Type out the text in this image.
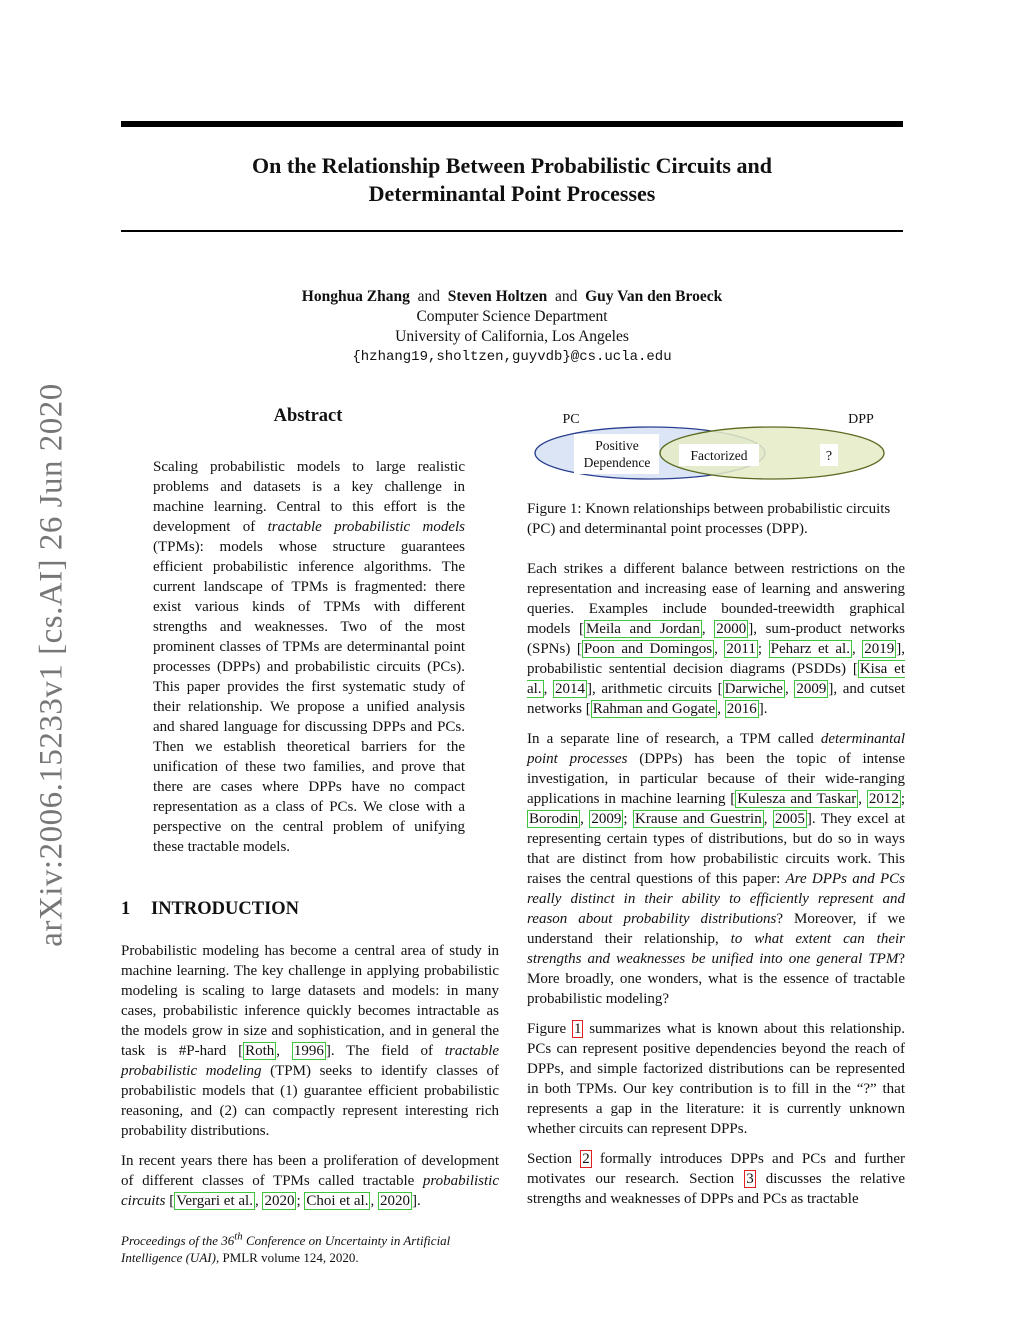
On the Relationship Between Probabilistic Circuits and
Determinantal Point Processes
Honghua Zhang and Steven Holtzen and Guy Van den Broeck
Computer Science Department
University of California, Los Angeles
{hzhang19,sholtzen,guyvdb}@cs.ucla.edu
arXiv:2006.15233v1 [cs.AI] 26 Jun 2020	Abstract
Scaling probabilistic models to large realistic problems and datasets is a key challenge in machine learning. Central to this effort is the development of tractable probabilistic models (TPMs): models whose structure guarantees efficient probabilistic inference algorithms. The current landscape of TPMs is fragmented: there exist various kinds of TPMs with different strengths and weaknesses. Two of the most prominent classes of TPMs are determinantal point processes (DPPs) and probabilistic circuits (PCs). This paper provides the first systematic study of their relationship. We propose a unified analysis and shared language for discussing DPPs and PCs. Then we establish theoretical barriers for the unification of these two families, and prove that there are cases where DPPs have no compact representation as a class of PCs. We close with a perspective on the central problem of unifying these tractable models.
1 INTRODUCTION

Probabilistic modeling has become a central area of study in machine learning. The key challenge in applying probabilistic modeling is scaling to large datasets and models: in many cases, probabilistic inference quickly becomes intractable as the models grow in size and sophistication, and in general the task is #P-hard [ Roth , 1996 ]. The field of tractable probabilistic modeling (TPM) seeks to identify classes of probabilistic models that (1) guarantee efficient probabilistic reasoning, and (2) can compactly represent interesting rich probability distributions.

In recent years there has been a proliferation of development of different classes of TPMs called tractable probabilistic circuits [ Vergari et al. , 2020 ; Choi et al. , 2020 ].

Proceedings of the 36th Conference on Uncertainty in Artificial Intelligence (UAI), PMLR volume 124, 2020.
PC	DPP
Positive
Dependence	Factorized	?
Figure 1: Known relationships between probabilistic circuits (PC) and determinantal point processes (DPP).

Each strikes a different balance between restrictions on the representation and increasing ease of learning and answering queries. Examples include bounded-treewidth graphical models [ Meila and Jordan , 2000 ], sum-product networks (SPNs) [ Poon and Domingos , 2011 ; Peharz et al. , 2019 ], probabilistic sentential decision diagrams (PSDDs) [ Kisa et al. , 2014 ], arithmetic circuits [ Darwiche , 2009 ], and cutset networks [ Rahman and Gogate , 2016 ].

In a separate line of research, a TPM called determinantal point processes (DPPs) has been the topic of intense investigation, in particular because of their wide-ranging applications in machine learning [ Kulesza and Taskar , 2012 ; Borodin , 2009 ; Krause and Guestrin , 2005 ]. They excel at representing certain types of distributions, but do so in ways that are distinct from how probabilistic circuits work. This raises the central questions of this paper: Are DPPs and PCs really distinct in their ability to efficiently represent and reason about probability distributions? Moreover, if we understand their relationship, to what extent can their strengths and weaknesses be unified into one general TPM? More broadly, one wonders, what is the essence of tractable probabilistic modeling?

Figure 1 summarizes what is known about this relationship. PCs can represent positive dependencies beyond the reach of DPPs, and simple factorized distributions can be represented in both TPMs. Our key contribution is to fill in the “?” that represents a gap in the literature: it is currently unknown whether circuits can represent DPPs.

Section 2 formally introduces DPPs and PCs and further motivates our research. Section 3 discusses the relative strengths and weaknesses of DPPs and PCs as tractable
